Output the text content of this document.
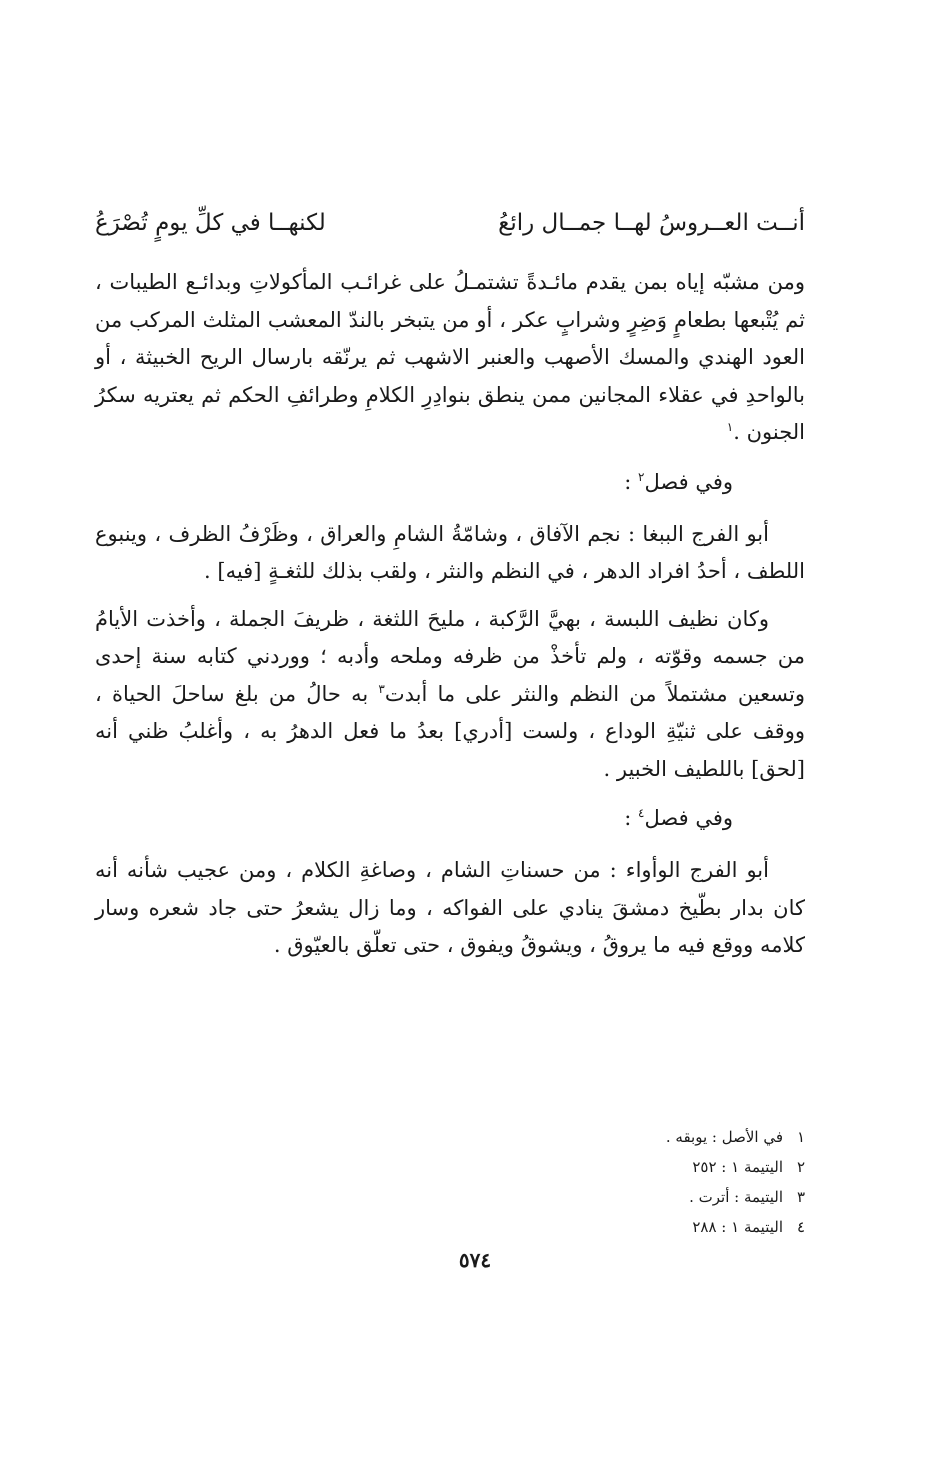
أنــت العــروسُ لهــا جمــال رائعُ
لكنهــا في كلِّ يومٍ تُصْرَعُ

ومن مشبّه إياه بمن يقدم مائـدةً تشتمـلُ على غرائـب المأكولاتِ وبدائـع الطيبات ، ثم يُتْبعها بطعامٍ وَضِرٍ وشرابٍ عكر ، أو من يتبخر بالندّ المعشب المثلث المركب من العود الهندي والمسك الأصهب والعنبر الاشهب ثم يرنّقه بارسال الريح الخبيثة ، أو بالواحدِ في عقلاء المجانين ممن ينطق بنوادِرِ الكلامِ وطرائفِ الحكم ثم يعتريه سكرُ الجنون .$^١$

وفي فصل$^٢$ :

أبو الفرج الببغا : نجم الآفاق ، وشامّةُ الشامِ والعراق ، وظَرْفُ الظرف ، وينبوع اللطف ، أحدُ افراد الدهر ، في النظم والنثر ، ولقب بذلك للثغـةٍ [فيه] .

وكان نظيف اللبسة ، بهيَّ الرَّكبة ، مليحَ اللثغة ، ظريفَ الجملة ، وأخذت الأيامُ من جسمه وقوّته ، ولم تأخذْ من ظرفه وملحه وأدبه ؛ ووردني كتابه سنة إحدى وتسعين مشتملاً من النظم والنثر على ما أبدت$^٣$ به حالُ من بلغ ساحلَ الحياة ، ووقف على ثنيّةِ الوداع ، ولست [أدري] بعدُ ما فعل الدهرُ به ، وأغلبُ ظني أنه [لحق] باللطيف الخبير .

وفي فصل$^٤$ :

أبو الفرج الوأواء : من حسناتِ الشام ، وصاغةِ الكلام ، ومن عجيب شأنه أنه كان بدار بطّيخ دمشقَ ينادي على الفواكه ، وما زال يشعرُ حتى جاد شعره وسار كلامه ووقع فيه ما يروقُ ، ويشوقُ ويفوق ، حتى تعلّق بالعيّوق .

١في الأصل : يوبقه .
٢اليتيمة ١ : ٢٥٢
٣اليتيمة : أترت .
٤اليتيمة ١ : ٢٨٨
٥٧٤
